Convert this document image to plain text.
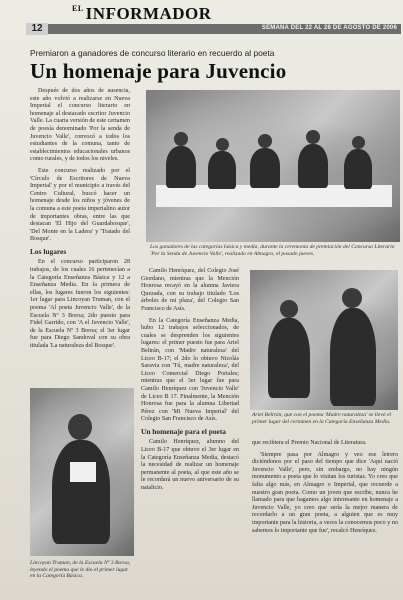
$^{EL}$ INFORMADOR
12	SEMANA DEL 22 AL 28 DE AGOSTO DE 2006
Premiaron a ganadores de concurso literario en recuerdo al poeta
Un homenaje para Juvencio

Después de dos años de ausencia, este año volvió a realizarse en Nueva Imperial el concurso literario en homenaje al destacado escritor Juvencio Valle. La cuarta versión de este certamen de poesía denominado 'Por la senda de Juvencio Valle', convocó a todos los estudiantes de la comuna, tanto de establecimientos educacionales urbanos como rurales, y de todos los niveles.

Este concurso realizado por el 'Círculo de Escritores de Nueva Imperial' y por el municipio a través del Centro Cultural, buscó hacer un homenaje desde los niños y jóvenes de la comuna a este poeta imperialino autor de importantes obras, entre las que destacan 'El Hijo del Guardabosque', 'Del Monte en la Ladera' y 'Tratado del Bosque'.

Los lugares

En el concurso participaron 28 trabajos, de los cuales 16 pertenecían a la Categoría Enseñanza Básica y 12 a Enseñanza Media. En la primera de ellas, los lugares fueron los siguientes: 1er lugar para Lincoyan Truman, con el poema 'Al poeta Juvencio Valle', de la Escuela Nº 3 Boroa; 2do puesto para Fidel Garrido, con 'A el Juvencio Valle', de la Escuela Nº 3 Boroa; el 3er lugar fue para Diego Sandoval con su obra titulada 'La naturaleza del Bosque'.

Los ganadores de las categorías básica y media, durante la ceremonia de premiación del Concurso Literario 'Por la Senda de Juvencio Valle', realizado en Almagro, el pasado jueves.
Lincoyan Truman, de la Escuela Nº 3 Boroa, leyendo el poema que le dio el primer lugar en la Categoría Básica.

Camilo Henríquez, del Colegio José Giordano, mientras que la Mención Honrosa recayó en la alumna Javiera Quezada, con su trabajo titulado 'Los árboles de mi plaza', del Colegio San Francisco de Asís.

En la Categoría Enseñanza Media, hubo 12 trabajos seleccionados, de cuales se desprenden los siguientes lugares: el primer puesto fue para Ariel Beltrán, con 'Madre naturaleza' del Liceo B-17; el 2do lo obtuvo Nicolás Saravia con 'Tú, madre naturaleza', del Liceo Comercial Diego Portales; mientras que el 3er lugar fue para Camilo Henríquez con 'Juvencio Valle' de Liceo B 17. Finalmente, la Mención Honrosa fue para la alumna Libertad Pérez con 'Mi Nueva Imperial' del Colegio San Francisco de Asís.

Un homenaje para el poeta

Camilo Henríquez, alumno del Liceo B-17 que obtuvo el 3er lugar en la Categoría Enseñanza Media, destacó la necesidad de realizar un homenaje permanente al poeta, al que este año se le recordará un nuevo aniversario de su natalicio.

Ariel Beltrán, que con el poema 'Madre naturaleza' se llevó el primer lugar del certamen en la Categoría Enseñanza Media.

que recibiera el Premio Nacional de Literatura.

'Siempre pasa por Almagro y veo ese letrero diciéndonos por el paso del tiempo que dice 'Aquí nació Juvencio Valle', pero, sin embargo, no hay ningún monumento a poeta que lo visitan los turistas. Yo creo que falta algo más, en Almagro o Imperial, que recuerde a nuestro gran poeta. Como un joven que escribe, nunca he llamado para que hagamos algo interesante en homenaje a Juvencio Valle, yo creo que sería la mejor manera de recordarlo a un gran poeta, a alguien que es muy importante para la historia, a veces la conocemos poco y no sabemos lo importante que fue', recalcó Henríquez.
